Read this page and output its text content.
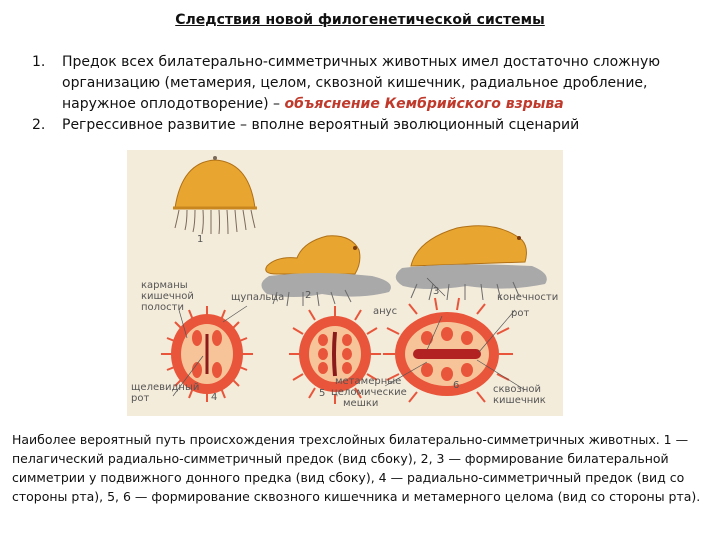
Следствия новой филогенетической системы
1. Предок всех билатерально-симметричных животных имел достаточно сложную организацию (метамерия, целом, сквозной кишечник, радиальное дробление, наружное оплодотворение) – объяснение Кембрийского взрыва
2. Регрессивное развитие – вполне вероятный эволюционный сценарий
1
2	3
4	5
6
карманы
кишечной
полости
щупальца	конечности
анус	рот
щелевидный
рот
метамерные
целомические
мешки
сквозной
кишечник
Наиболее вероятный путь происхождения трехслойных билатерально-симметричных животных. 1 — пелагический радиально-симметричный предок (вид сбоку), 2, 3 — формирование билатеральной симметрии у подвижного донного предка (вид сбоку), 4 — радиально-симметричный предок (вид со стороны рта), 5, 6 — формирование сквозного кишечника и метамерного целома (вид со стороны рта).
